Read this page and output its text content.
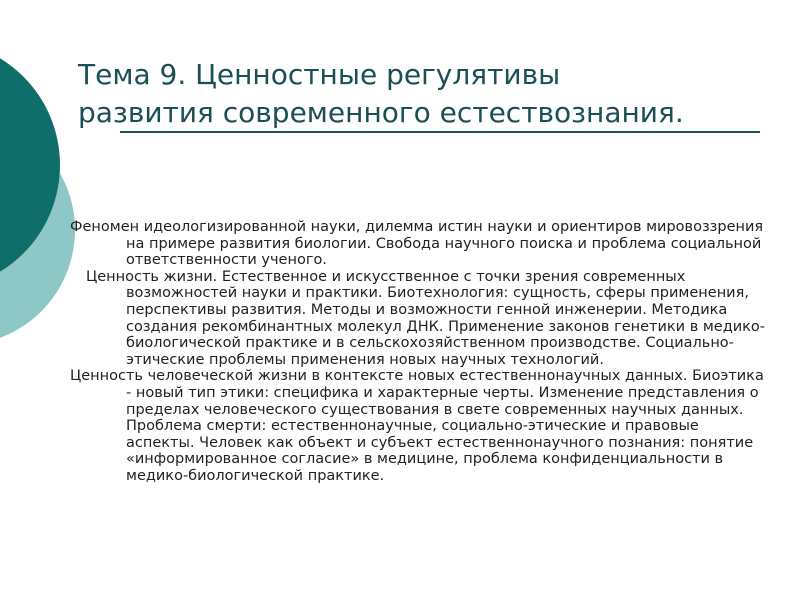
Тема 9. Ценностные регулятивы
развития современного естествознания.

Феномен идеологизированной науки, дилемма истин науки и ориентиров мировоззрения на примере развития биологии. Свобода научного поиска и проблема социальной ответственности ученого.

Ценность жизни. Естественное и искусственное с точки зрения современных возможностей науки и практики. Биотехнология: сущность, сферы применения, перспективы развития. Методы и возможности генной инженерии. Методика создания рекомбинантных молекул ДНК. Применение законов генетики в медико-биологической практике и в сельскохозяйственном производстве. Социально-этические проблемы применения новых научных технологий.

Ценность человеческой жизни в контексте новых естественнонаучных данных. Биоэтика - новый тип этики: специфика и характерные черты. Изменение представления о пределах человеческого существования в свете современных научных данных. Проблема смерти: естественнонаучные, социально-этические и правовые аспекты. Человек как объект и субъект естественнонаучного познания: понятие «информированное согласие» в медицине, проблема конфиденциальности в медико-биологической практике.
